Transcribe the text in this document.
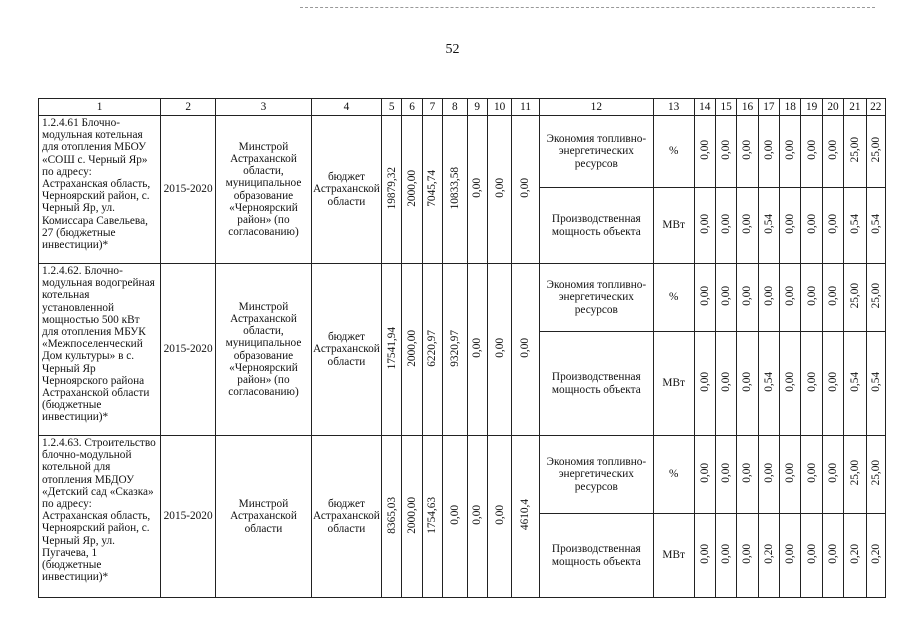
52
1	2	3	4	5	6	7	8	9	10	11	12	13	14	15	16	17	18	19	20	21	22
1.2.4.61 Блочно-модульная котельная для отопления МБОУ «СОШ с. Черный Яр» по адресу: Астраханская область, Черноярский район, с. Черный Яр, ул. Комиссара Савельева, 27 (бюджетные инвестиции)*	2015-2020	Минстрой Астраханской области, муниципальное образование «Черноярский район» (по согласованию)	бюджет Астраханской области	19879,32	2000,00	7045,74	10833,58	0,00	0,00	0,00	Экономия топливно-энергетических ресурсов	%	0,00	0,00	0,00	0,00	0,00	0,00	0,00	25,00	25,00
											Производственная мощность объекта	МВт	0,00	0,00	0,00	0,54	0,00	0,00	0,00	0,54	0,54
1.2.4.62. Блочно-модульная водогрейная котельная установленной мощностью 500 кВт для отопления МБУК «Межпоселенческий Дом культуры» в с. Черный Яр Черноярского района Астраханской области (бюджетные инвестиции)*	2015-2020	Минстрой Астраханской области, муниципальное образование «Черноярский район» (по согласованию)	бюджет Астраханской области	17541,94	2000,00	6220,97	9320,97	0,00	0,00	0,00	Экономия топливно-энергетических ресурсов	%	0,00	0,00	0,00	0,00	0,00	0,00	0,00	25,00	25,00
											Производственная мощность объекта	МВт	0,00	0,00	0,00	0,54	0,00	0,00	0,00	0,54	0,54
1.2.4.63. Строительство блочно-модульной котельной для отопления МБДОУ «Детский сад «Сказка» по адресу: Астраханская область, Черноярский район, с. Черный Яр, ул. Пугачева, 1 (бюджетные инвестиции)*	2015-2020	Минстрой Астраханской области	бюджет Астраханской области	8365,03	2000,00	1754,63	0,00	0,00	0,00	4610,4	Экономия топливно-энергетических ресурсов	%	0,00	0,00	0,00	0,00	0,00	0,00	0,00	25,00	25,00
											Производственная мощность объекта	МВт	0,00	0,00	0,00	0,20	0,00	0,00	0,00	0,20	0,20
